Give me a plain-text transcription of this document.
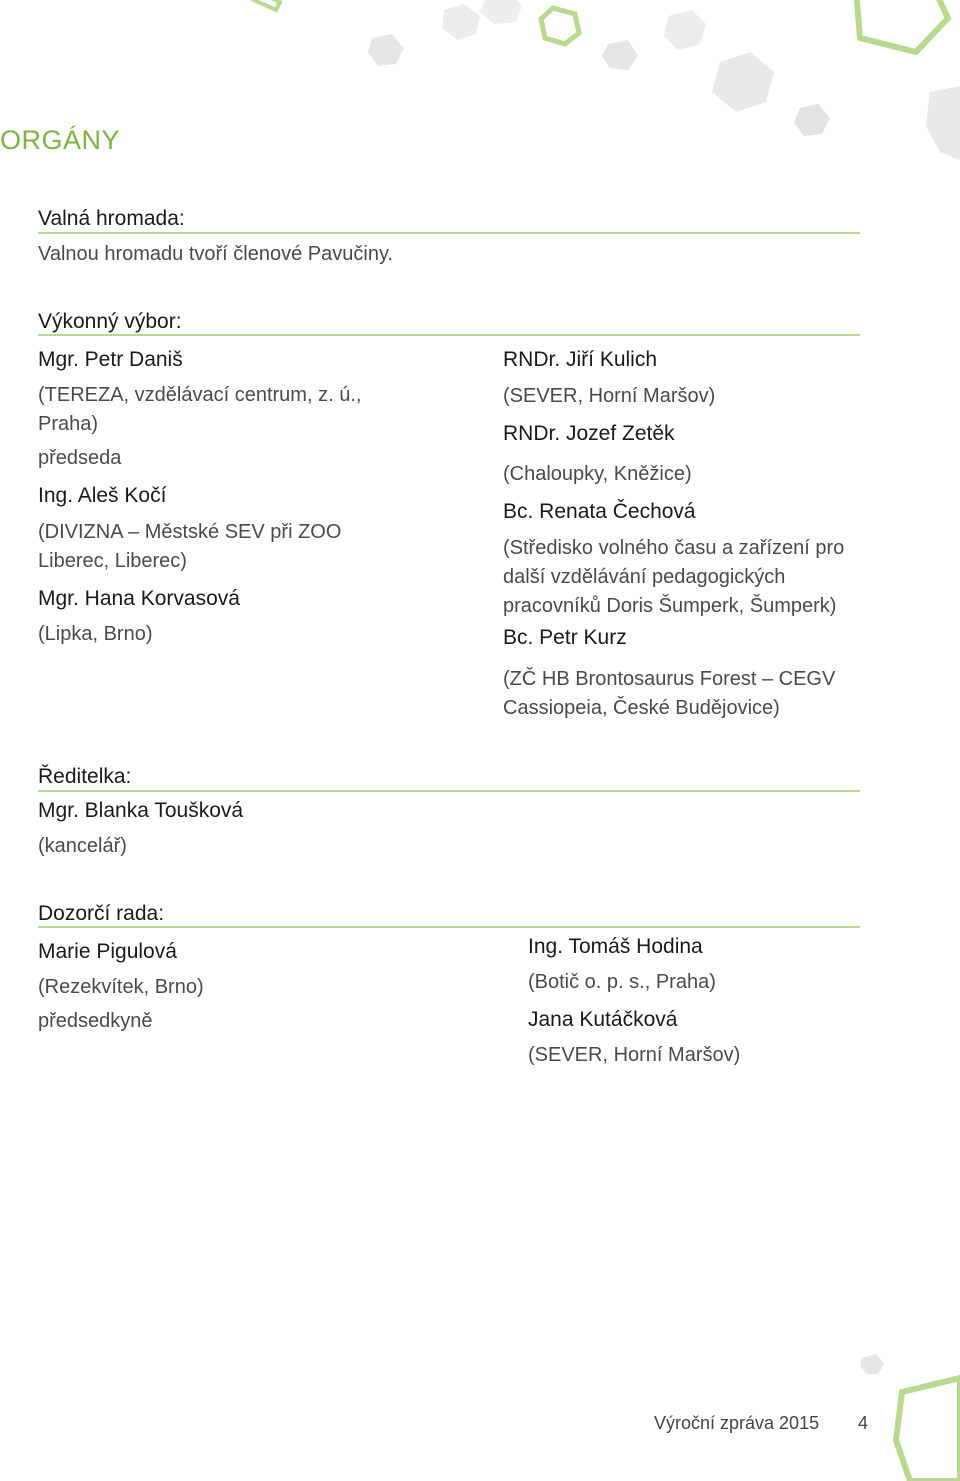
ORGÁNY
Valná hromada:
Valnou hromadu tvoří členové Pavučiny.
Výkonný výbor:
Mgr. Petr Daniš
(TEREZA, vzdělávací centrum, z. ú.,
Praha)
předseda
Ing. Aleš Kočí
(DIVIZNA – Městské SEV při ZOO
Liberec, Liberec)
Mgr. Hana Korvasová
(Lipka, Brno)
RNDr. Jiří Kulich
(SEVER, Horní Maršov)
RNDr. Jozef Zetěk
(Chaloupky, Kněžice)
Bc. Renata Čechová
(Středisko volného času a zařízení pro
další vzdělávání pedagogických
pracovníků Doris Šumperk, Šumperk)
Bc. Petr Kurz
(ZČ HB Brontosaurus Forest – CEGV
Cassiopeia, České Budějovice)
Ředitelka:
Mgr. Blanka Toušková
(kancelář)
Dozorčí rada:
Marie Pigulová
(Rezekvítek, Brno)
předsedkyně
Ing. Tomáš Hodina
(Botič o. p. s., Praha)
Jana Kutáčková
(SEVER, Horní Maršov)
Výroční zpráva 2015 4
